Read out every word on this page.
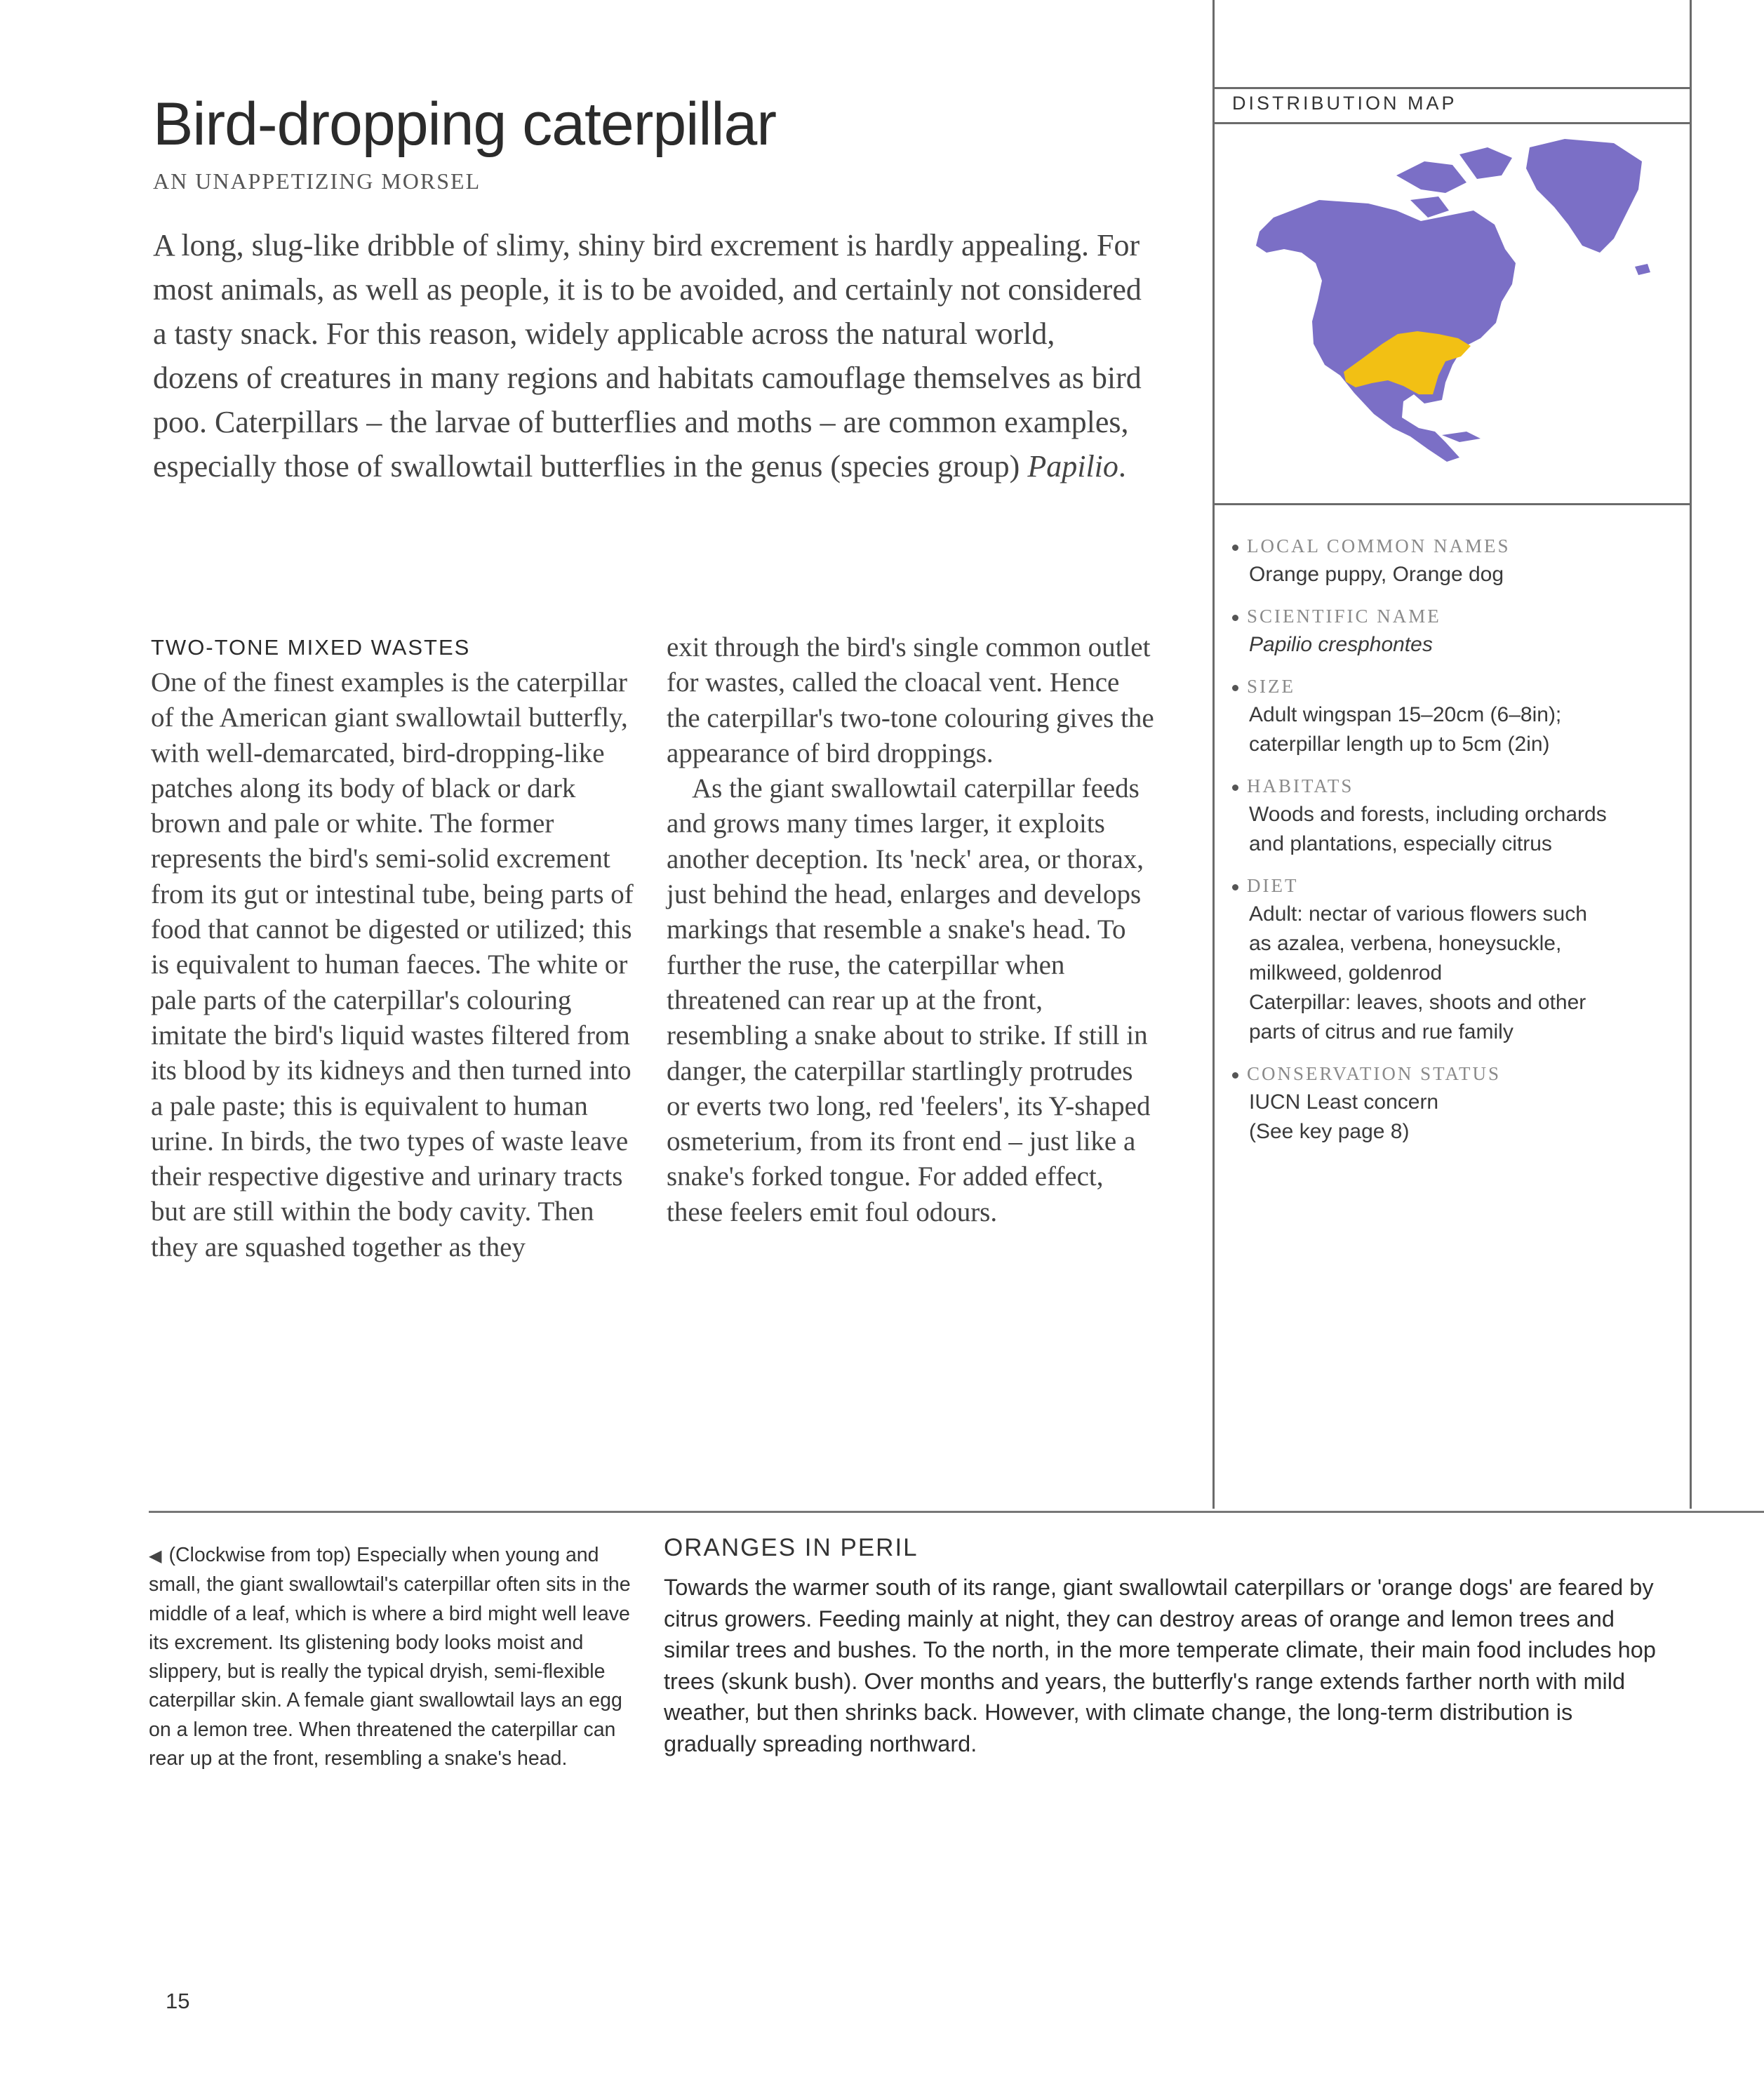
Bird-dropping caterpillar
AN UNAPPETIZING MORSEL

A long, slug-like dribble of slimy, shiny bird excrement is hardly appealing. For most animals, as well as people, it is to be avoided, and certainly not considered a tasty snack. For this reason, widely applicable across the natural world, dozens of creatures in many regions and habitats camouflage themselves as bird poo. Caterpillars – the larvae of butterflies and moths – are common examples, especially those of swallowtail butterflies in the genus (species group) Papilio.

TWO-TONE MIXED WASTES

One of the finest examples is the caterpillar of the American giant swallowtail butterfly, with well-demarcated, bird-dropping-like patches along its body of black or dark brown and pale or white. The former represents the bird's semi-solid excrement from its gut or intestinal tube, being parts of food that cannot be digested or utilized; this is equivalent to human faeces. The white or pale parts of the caterpillar's colouring imitate the bird's liquid wastes filtered from its blood by its kidneys and then turned into a pale paste; this is equivalent to human urine. In birds, the two types of waste leave their respective digestive and urinary tracts but are still within the body cavity. Then they are squashed together as they

exit through the bird's single common outlet for wastes, called the cloacal vent. Hence the caterpillar's two-tone colouring gives the appearance of bird droppings.

As the giant swallowtail caterpillar feeds and grows many times larger, it exploits another deception. Its 'neck' area, or thorax, just behind the head, enlarges and develops markings that resemble a snake's head. To further the ruse, the caterpillar when threatened can rear up at the front, resembling a snake about to strike. If still in danger, the caterpillar startlingly protrudes or everts two long, red 'feelers', its Y-shaped osmeterium, from its front end – just like a snake's forked tongue. For added effect, these feelers emit foul odours.

DISTRIBUTION MAP
LOCAL COMMON NAMES
Orange puppy, Orange dog
SCIENTIFIC NAME
Papilio cresphontes
SIZE
Adult wingspan 15–20cm (6–8in);
caterpillar length up to 5cm (2in)
HABITATS
Woods and forests, including orchards
and plantations, especially citrus
DIET
Adult: nectar of various flowers such
as azalea, verbena, honeysuckle,
milkweed, goldenrod
Caterpillar: leaves, shoots and other
parts of citrus and rue family
CONSERVATION STATUS
IUCN Least concern
(See key page 8)
◀ (Clockwise from top) Especially when young and small, the giant swallowtail's caterpillar often sits in the middle of a leaf, which is where a bird might well leave its excrement. Its glistening body looks moist and slippery, but is really the typical dryish, semi-flexible caterpillar skin. A female giant swallowtail lays an egg on a lemon tree. When threatened the caterpillar can rear up at the front, resembling a snake's head.
ORANGES IN PERIL
Towards the warmer south of its range, giant swallowtail caterpillars or 'orange dogs' are feared by citrus growers. Feeding mainly at night, they can destroy areas of orange and lemon trees and similar trees and bushes. To the north, in the more temperate climate, their main food includes hop trees (skunk bush). Over months and years, the butterfly's range extends farther north with mild weather, but then shrinks back. However, with climate change, the long-term distribution is gradually spreading northward.
15
